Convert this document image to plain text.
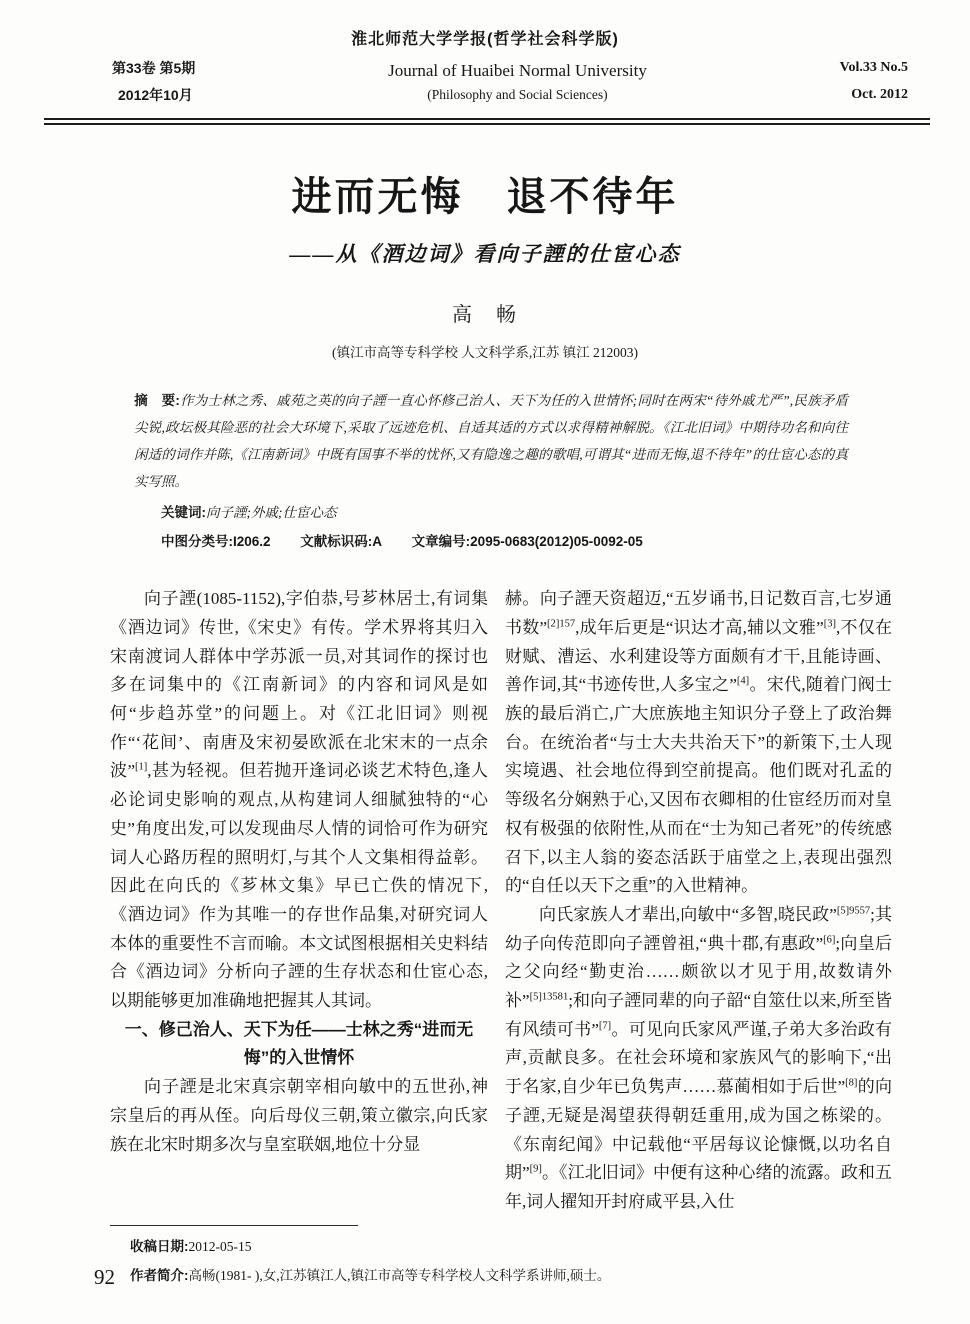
淮北师范大学学报(哲学社会科学版)
第33卷 第5期
2012年10月
Journal of Huaibei Normal University
(Philosophy and Social Sciences)
Vol.33 No.5
Oct. 2012
进而无悔　退不待年
——从《酒边词》看向子諲的仕宦心态
高　畅
(镇江市高等专科学校 人文科学系,江苏 镇江 212003)

摘　要:作为士林之秀、戚苑之英的向子諲一直心怀修己治人、天下为任的入世情怀;同时在两宋“待外戚尤严”,民族矛盾尖锐,政坛极其险恶的社会大环境下,采取了远迹危机、自适其适的方式以求得精神解脱。《江北旧词》中期待功名和向往闲适的词作并陈,《江南新词》中既有国事不举的忧怀,又有隐逸之趣的歌唱,可谓其“进而无悔,退不待年”的仕宦心态的真实写照。

关键词:向子諲;外戚;仕宦心态

中图分类号:I206.2 文献标识码:A 文章编号:2095-0683(2012)05-0092-05

向子諲(1085-1152),字伯恭,号芗林居士,有词集《酒边词》传世,《宋史》有传。学术界将其归入宋南渡词人群体中学苏派一员,对其词作的探讨也多在词集中的《江南新词》的内容和词风是如何“步趋苏堂”的问题上。对《江北旧词》则视作“‘花间’、南唐及宋初晏欧派在北宋末的一点余波”[1],甚为轻视。但若抛开逢词必谈艺术特色,逢人必论词史影响的观点,从构建词人细腻独特的“心史”角度出发,可以发现曲尽人情的词恰可作为研究词人心路历程的照明灯,与其个人文集相得益彰。因此在向氏的《芗林文集》早已亡佚的情况下,《酒边词》作为其唯一的存世作品集,对研究词人本体的重要性不言而喻。本文试图根据相关史料结合《酒边词》分析向子諲的生存状态和仕宦心态,以期能够更加准确地把握其人其词。

一、修己治人、天下为任——士林之秀“进而无悔”的入世情怀

向子諲是北宋真宗朝宰相向敏中的五世孙,神宗皇后的再从侄。向后母仪三朝,策立徽宗,向氏家族在北宋时期多次与皇室联姻,地位十分显

赫。向子諲天资超迈,“五岁诵书,日记数百言,七岁通书数”$^{[2]157}$,成年后更是“识达才高,辅以文雅”[3],不仅在财赋、漕运、水利建设等方面颇有才干,且能诗画、善作词,其“书迹传世,人多宝之”[4]。宋代,随着门阀士族的最后消亡,广大庶族地主知识分子登上了政治舞台。在统治者“与士大夫共治天下”的新策下,士人现实境遇、社会地位得到空前提高。他们既对孔孟的等级名分娴熟于心,又因布衣卿相的仕宦经历而对皇权有极强的依附性,从而在“士为知己者死”的传统感召下,以主人翁的姿态活跃于庙堂之上,表现出强烈的“自任以天下之重”的入世精神。

向氏家族人才辈出,向敏中“多智,晓民政”$^{[5]9557}$;其幼子向传范即向子諲曾祖,“典十郡,有惠政”[6];向皇后之父向经“勤吏治……颇欲以才见于用,故数请外补”$^{[5]13581}$;和向子諲同辈的向子韶“自筮仕以来,所至皆有风绩可书”[7]。可见向氏家风严谨,子弟大多治政有声,贡献良多。在社会环境和家族风气的影响下,“出于名家,自少年已负隽声……慕蔺相如于后世”[8]的向子諲,无疑是渴望获得朝廷重用,成为国之栋梁的。《东南纪闻》中记载他“平居每议论慷慨,以功名自期”[9]。《江北旧词》中便有这种心绪的流露。政和五年,词人擢知开封府咸平县,入仕

收稿日期:2012-05-15

作者简介:高畅(1981- ),女,江苏镇江人,镇江市高等专科学校人文科学系讲师,硕士。

92
